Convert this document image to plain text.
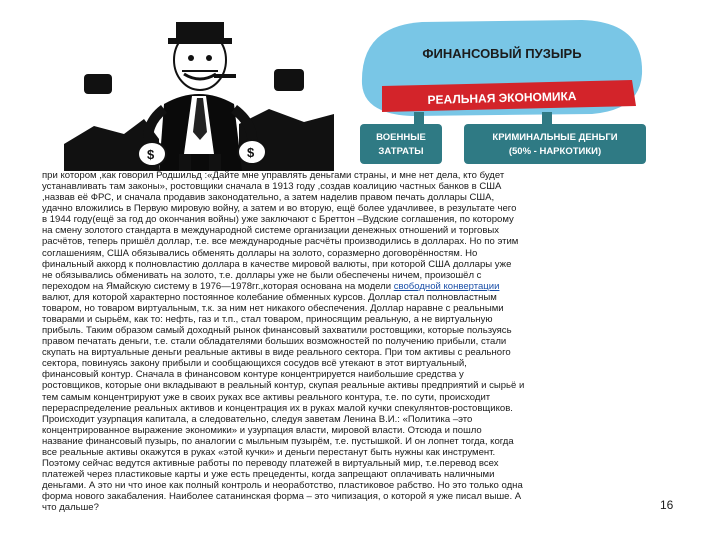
$	$
ФИНАНСОВЫЙ ПУЗЫРЬ
РЕАЛЬНАЯ ЭКОНОМИКА
ВОЕННЫЕ
ЗАТРАТЫ
КРИМИНАЛЬНЫЕ ДЕНЬГИ
(50% - НАРКОТИКИ)

при котором ,как говорил Родшильд :«Дайте мне управлять деньгами страны, и мне нет дела, кто будет
устанавливать там законы», ростовщики сначала в 1913 году ,создав коалицию частных банков в США
,назвав её ФРС, и сначала продавив законодательно, а затем наделив правом печать доллары США,
удачно вложились в Первую мировую войну, а затем и во вторую, ещё более удачливее, в результате чего
в 1944 году(ещё за год до окончания войны) уже заключают с Бреттон –Вудские соглашения, по которому
на смену золотого стандарта в международной системе организации денежных отношений и торговых
расчётов, теперь пришёл доллар, т.е. все международные расчёты производились в долларах. Но по этим
соглашениям, США обязывались обменять доллары на золото, соразмерно договорённостям. Но
финальный аккорд к полновластию доллара в качестве мировой валюты, при которой США доллары уже
не обязывались обменивать на золото, т.е. доллары уже не были обеспечены ничем, произошёл с
переходом на Ямайскую систему в 1976—1978гг.,которая основана на модели свободной конвертации
валют, для которой характерно постоянное колебание обменных курсов. Доллар стал полновластным
товаром, но товаром виртуальным, т.к. за ним нет никакого обеспечения. Доллар наравне с реальными
товарами и сырьём, как то: нефть, газ и т.п., стал товаром, приносящим реальную, а не виртуальную
прибыль. Таким образом самый доходный рынок финансовый захватили ростовщики, которые пользуясь
правом печатать деньги, т.е. стали обладателями больших возможностей по получению прибыли, стали
скупать на виртуальные деньги реальные активы в виде реального сектора. При том активы с реального
сектора, повинуясь закону прибыли и сообщающихся сосудов всё утекают в этот виртуальный,
финансовый контур. Сначала в финансовом контуре концентрируется наибольшие средства у
ростовщиков, которые они вкладывают в реальный контур, скупая реальные активы предприятий и сырьё и
тем самым концентрируют уже в своих руках все активы реального контура, т.е. по сути, происходит
перераспределение реальных активов и концентрация их в руках малой кучки спекулянтов-ростовщиков.
Происходит узурпация капитала, а следовательно, следуя заветам Ленина В.И.: «Политика –это
концентрированное выражение экономики» и узурпация власти, мировой власти. Отсюда и пошло
название финансовый пузырь, по аналогии с мыльным пузырём, т.е. пустышкой. И он лопнет тогда, когда
все реальные активы окажутся в руках «этой кучки» и деньги перестанут быть нужны как инструмент.
Поэтому сейчас ведутся активные работы по переводу платежей в виртуальный мир, т.е.перевод всех
платежей через пластиковые карты и уже есть прецеденты, когда запрещают оплачивать наличными
деньгами. А это ни что иное как полный контроль и неоработство, пластиковое рабство. Но это только одна
форма нового закабаления. Наиболее сатанинская форма – это чипизация, о которой я уже писал выше. А
что дальше?	16
